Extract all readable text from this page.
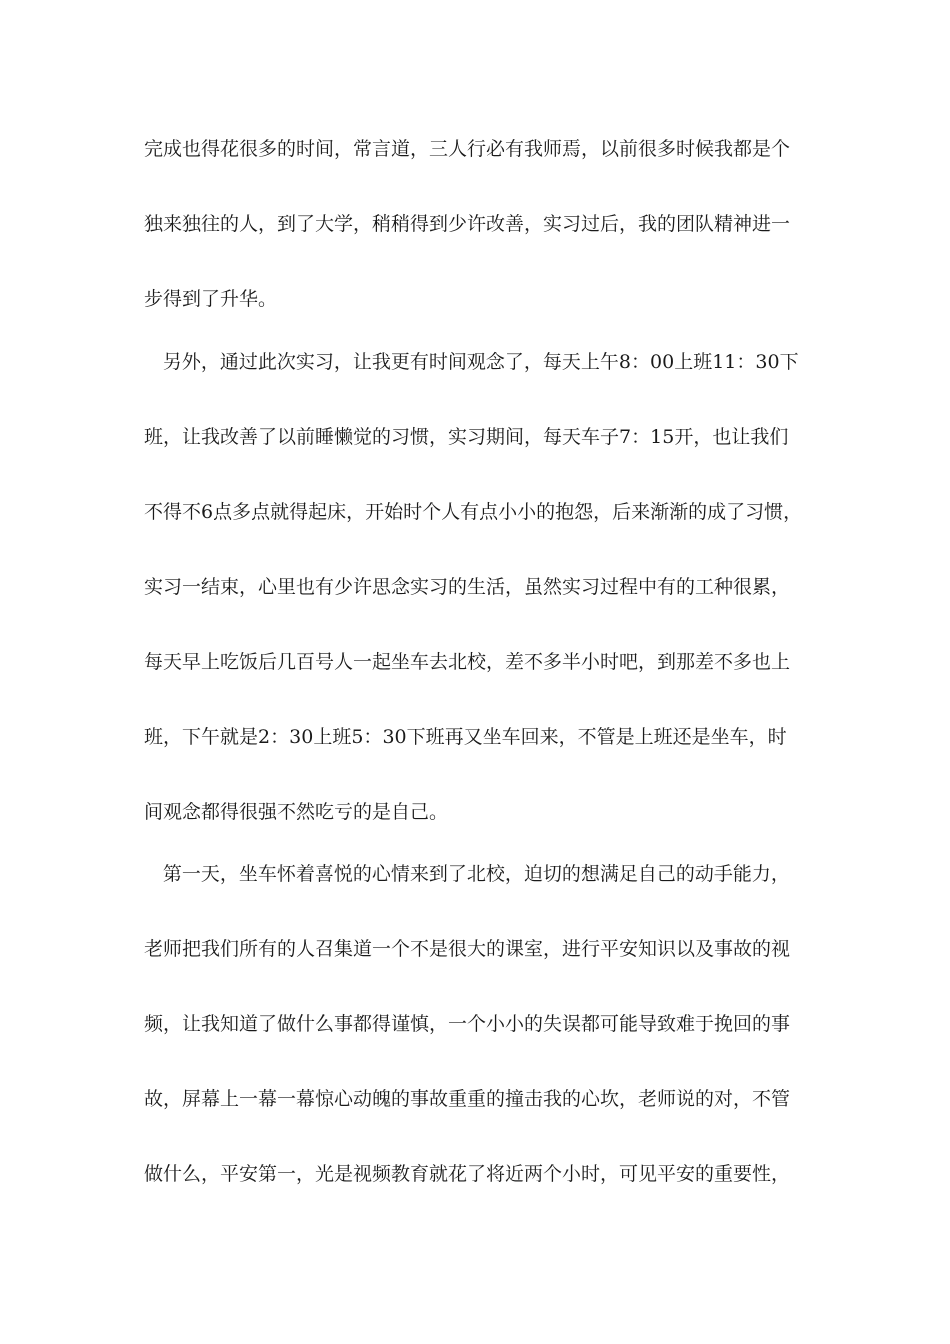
完成也得花很多的时间，常言道，三人行必有我师焉，以前很多时候我都是个
独来独往的人，到了大学，稍稍得到少许改善，实习过后，我的团队精神进一
步得到了升华。
另外，通过此次实习，让我更有时间观念了，每天上午8：00上班11：30下
班，让我改善了以前睡懒觉的习惯，实习期间，每天车子7：15开，也让我们
不得不6点多点就得起床，开始时个人有点小小的抱怨，后来渐渐的成了习惯，
实习一结束，心里也有少许思念实习的生活，虽然实习过程中有的工种很累，
每天早上吃饭后几百号人一起坐车去北校，差不多半小时吧，到那差不多也上
班，下午就是2：30上班5：30下班再又坐车回来，不管是上班还是坐车，时
间观念都得很强不然吃亏的是自己。
第一天，坐车怀着喜悦的心情来到了北校，迫切的想满足自己的动手能力，
老师把我们所有的人召集道一个不是很大的课室，进行平安知识以及事故的视
频，让我知道了做什么事都得谨慎，一个小小的失误都可能导致难于挽回的事
故，屏幕上一幕一幕惊心动魄的事故重重的撞击我的心坎，老师说的对，不管
做什么，平安第一，光是视频教育就花了将近两个小时，可见平安的重要性，
